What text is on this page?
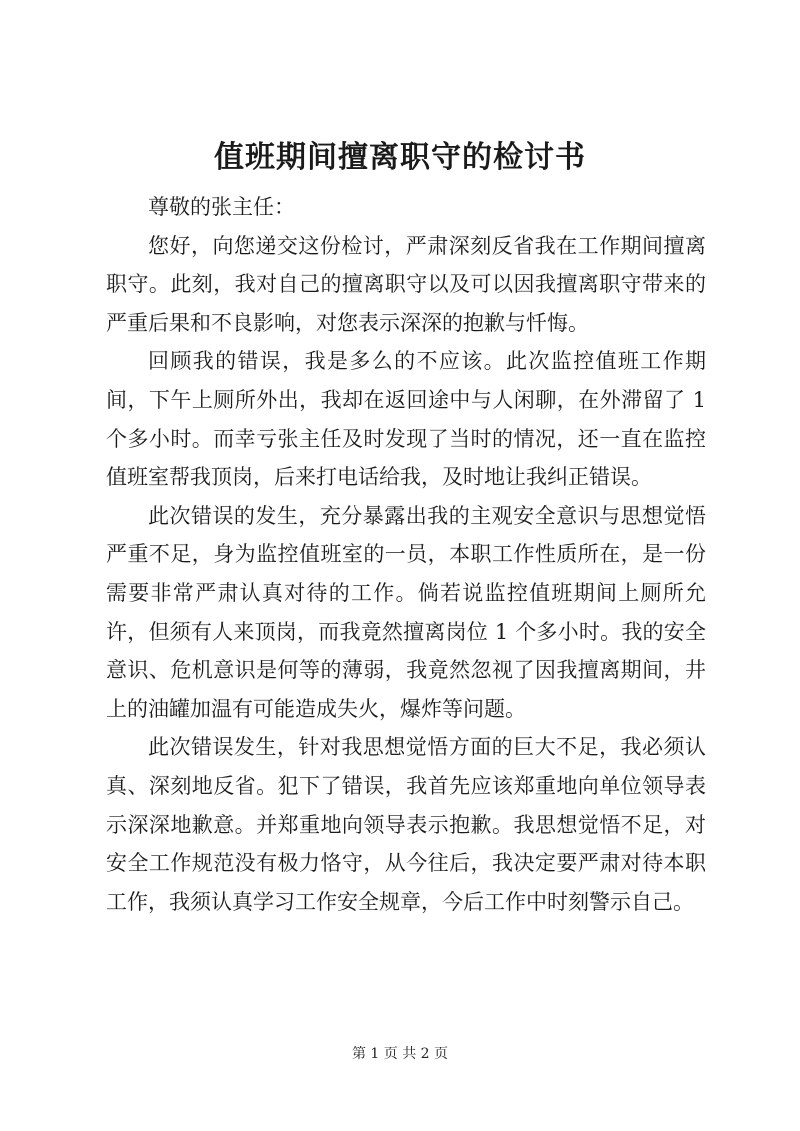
值班期间擅离职守的检讨书

尊敬的张主任：

您好，向您递交这份检讨，严肃深刻反省我在工作期间擅离职守。此刻，我对自己的擅离职守以及可以因我擅离职守带来的严重后果和不良影响，对您表示深深的抱歉与忏悔。

回顾我的错误，我是多么的不应该。此次监控值班工作期间，下午上厕所外出，我却在返回途中与人闲聊，在外滞留了 1 个多小时。而幸亏张主任及时发现了当时的情况，还一直在监控值班室帮我顶岗，后来打电话给我，及时地让我纠正错误。

此次错误的发生，充分暴露出我的主观安全意识与思想觉悟严重不足，身为监控值班室的一员，本职工作性质所在，是一份需要非常严肃认真对待的工作。倘若说监控值班期间上厕所允许，但须有人来顶岗，而我竟然擅离岗位 1 个多小时。我的安全意识、危机意识是何等的薄弱，我竟然忽视了因我擅离期间，井上的油罐加温有可能造成失火，爆炸等问题。

此次错误发生，针对我思想觉悟方面的巨大不足，我必须认真、深刻地反省。犯下了错误，我首先应该郑重地向单位领导表示深深地歉意。并郑重地向领导表示抱歉。我思想觉悟不足，对安全工作规范没有极力恪守，从今往后，我决定要严肃对待本职工作，我须认真学习工作安全规章，今后工作中时刻警示自己。

第 1 页 共 2 页
